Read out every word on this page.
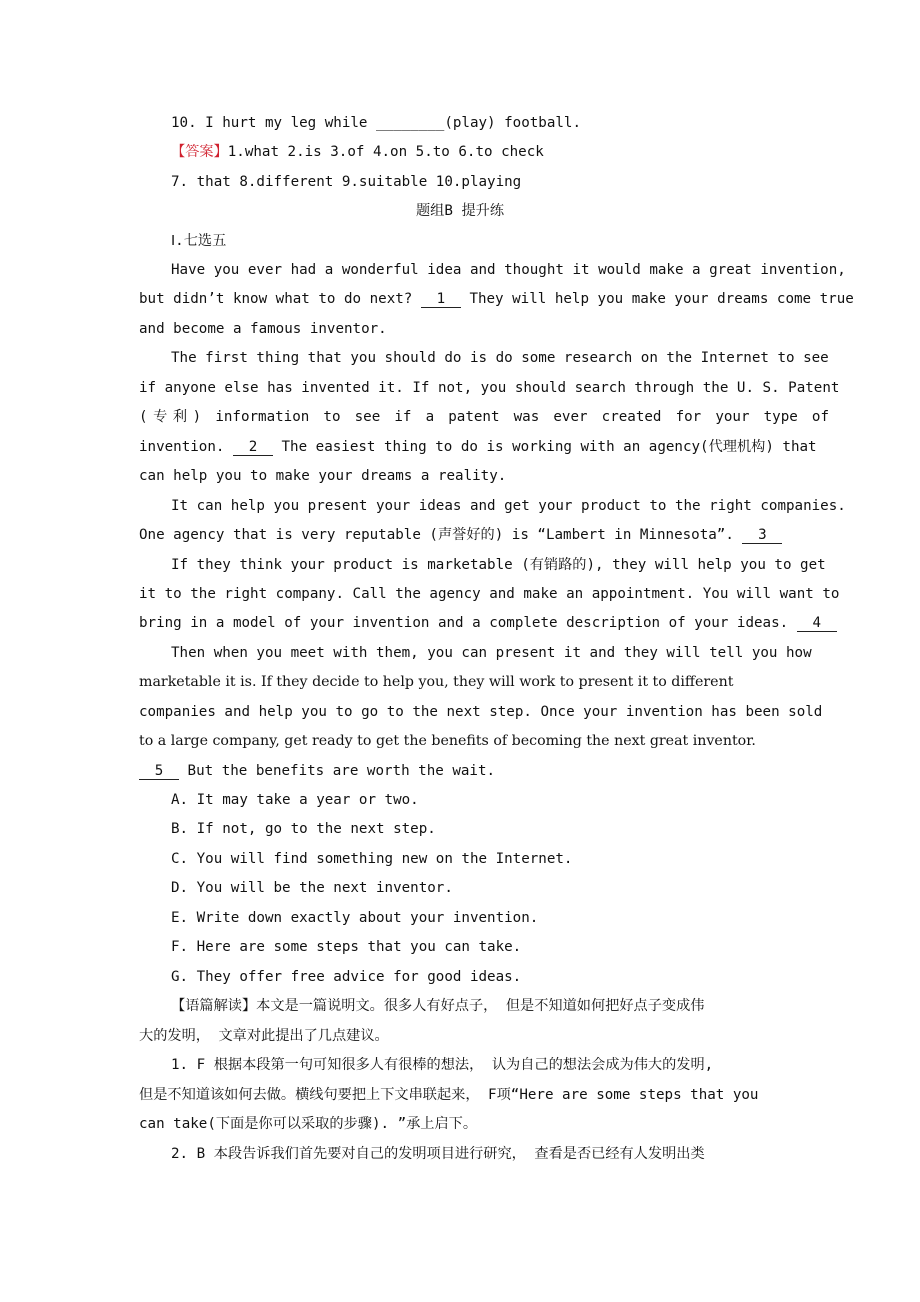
10. I hurt my leg while ________(play) football.
【答案】1.what 2.is 3.of 4.on 5.to 6.to check
7. that 8.different 9.suitable 10.playing
题组B 提升练
Ⅰ.七选五
Have you ever had a wonderful idea and thought it would make a great invention,
but didn’t know what to do next? 1 They will help you make your dreams come true
and become a famous inventor.
The first thing that you should do is do some research on the Internet to see
if anyone else has invented it. If not, you should search through the U. S. Patent
(专利) information to see if a patent was ever created for your type of
invention. 2 The easiest thing to do is working with an agency(代理机构) that
can help you to make your dreams a reality.
It can help you present your ideas and get your product to the right companies.
One agency that is very reputable (声誉好的) is “Lambert in Minnesota”. 3
If they think your product is marketable (有销路的), they will help you to get
it to the right company. Call the agency and make an appointment. You will want to
bring in a model of your invention and a complete description of your ideas. 4
Then when you meet with them, you can present it and they will tell you how
marketable it is. If they decide to help you, they will work to present it to different
companies and help you to go to the next step. Once your invention has been sold
to a large company, get ready to get the benefits of becoming the next great inventor.
5 But the benefits are worth the wait.
A. It may take a year or two.
B. If not, go to the next step.
C. You will find something new on the Internet.
D. You will be the next inventor.
E. Write down exactly about your invention.
F. Here are some steps that you can take.
G. They offer free advice for good ideas.
【语篇解读】本文是一篇说明文。很多人有好点子， 但是不知道如何把好点子变成伟
大的发明， 文章对此提出了几点建议。
1. F 根据本段第一句可知很多人有很棒的想法， 认为自己的想法会成为伟大的发明,
但是不知道该如何去做。横线句要把上下文串联起来， F项“Here are some steps that you
can take(下面是你可以采取的步骤). ”承上启下。
2. B 本段告诉我们首先要对自己的发明项目进行研究， 查看是否已经有人发明出类
